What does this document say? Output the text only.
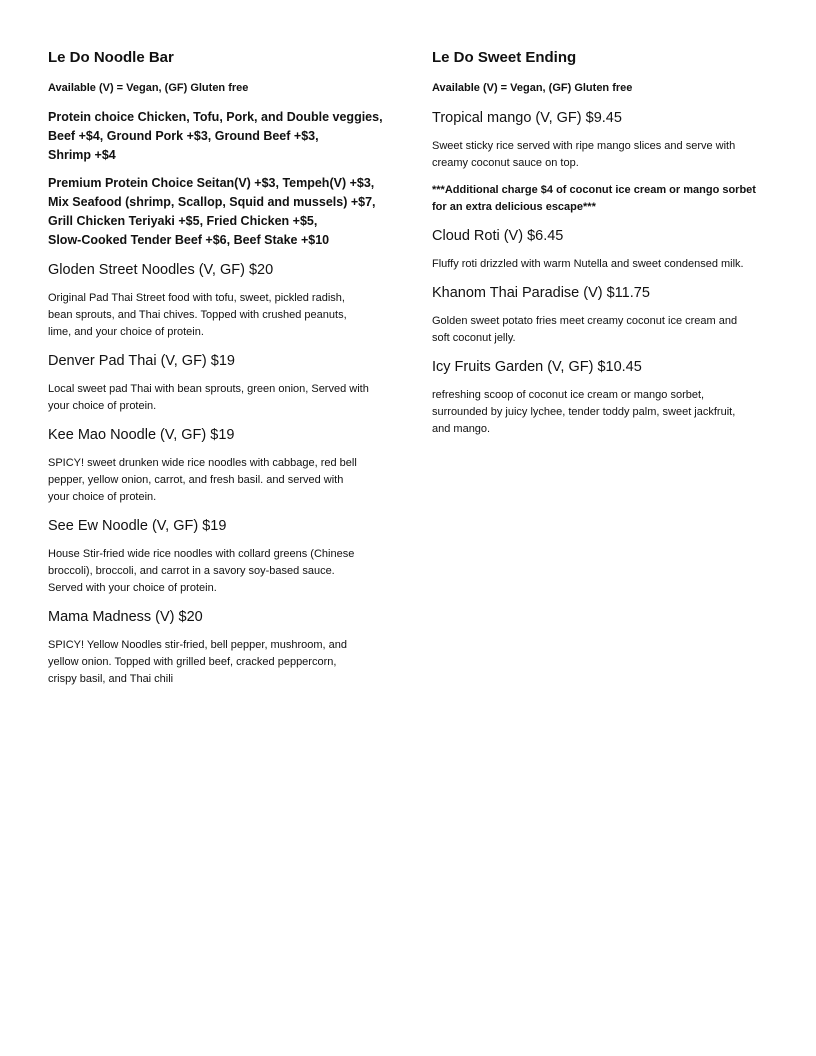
Le Do Noodle Bar
Available (V) = Vegan, (GF) Gluten free
Protein choice Chicken, Tofu, Pork, and Double veggies,
Beef +$4, Ground Pork +$3, Ground Beef +$3,
Shrimp +$4
Premium Protein Choice Seitan(V) +$3, Tempeh(V) +$3,
Mix Seafood (shrimp, Scallop, Squid and mussels) +$7,
Grill Chicken Teriyaki +$5, Fried Chicken +$5,
Slow-Cooked Tender Beef +$6, Beef Stake +$10
Gloden Street Noodles (V, GF) $20
Original Pad Thai Street food with tofu, sweet, pickled radish,
bean sprouts, and Thai chives. Topped with crushed peanuts,
lime, and your choice of protein.
Denver Pad Thai (V, GF) $19
Local sweet pad Thai with bean sprouts, green onion, Served with
your choice of protein.
Kee Mao Noodle (V, GF) $19
SPICY! sweet drunken wide rice noodles with cabbage, red bell
pepper, yellow onion, carrot, and fresh basil. and served with
your choice of protein.
See Ew Noodle (V, GF) $19
House Stir-fried wide rice noodles with collard greens (Chinese
broccoli), broccoli, and carrot in a savory soy-based sauce.
Served with your choice of protein.
Mama Madness (V) $20
SPICY! Yellow Noodles stir-fried, bell pepper, mushroom, and
yellow onion. Topped with grilled beef, cracked peppercorn,
crispy basil, and Thai chili
Le Do Sweet Ending
Available (V) = Vegan, (GF) Gluten free
Tropical mango (V, GF) $9.45
Sweet sticky rice served with ripe mango slices and serve with
creamy coconut sauce on top.
***Additional charge $4 of coconut ice cream or mango sorbet
for an extra delicious escape***
Cloud Roti (V) $6.45
Fluffy roti drizzled with warm Nutella and sweet condensed milk.
Khanom Thai Paradise (V) $11.75
Golden sweet potato fries meet creamy coconut ice cream and
soft coconut jelly.
Icy Fruits Garden (V, GF) $10.45
refreshing scoop of coconut ice cream or mango sorbet,
surrounded by juicy lychee, tender toddy palm, sweet jackfruit,
and mango.
